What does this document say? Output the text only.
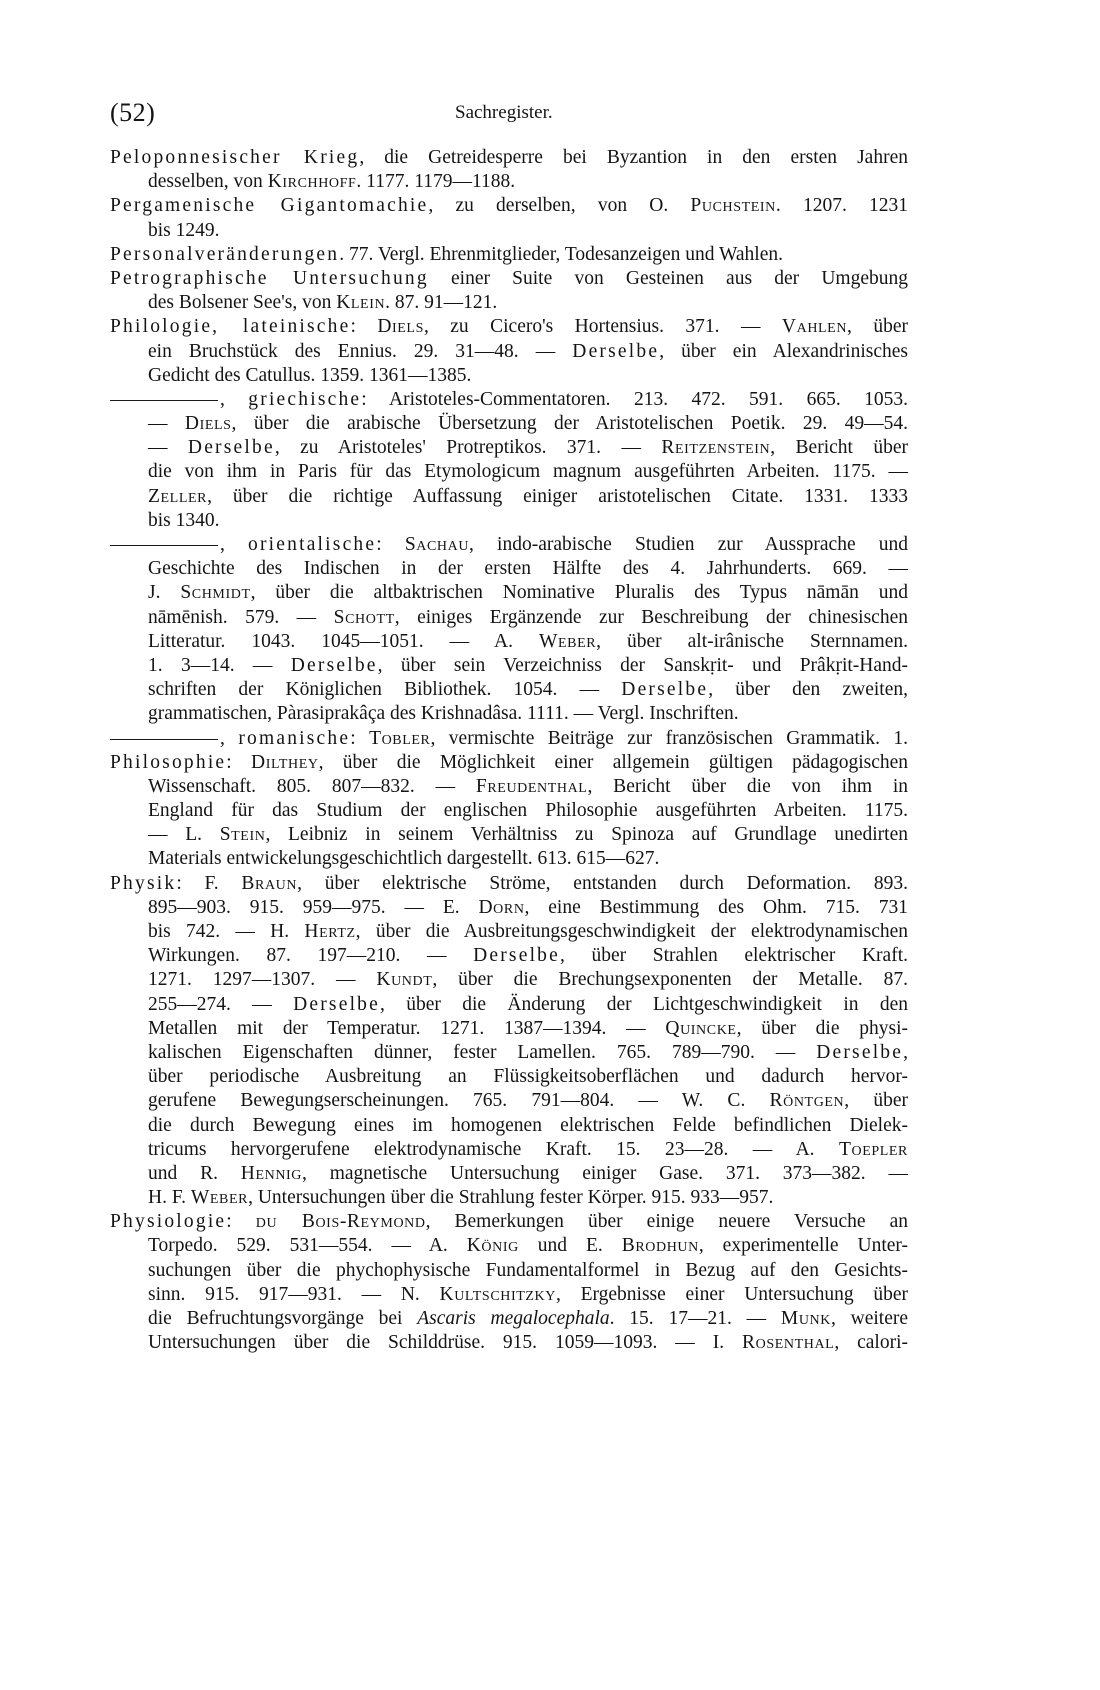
(52)	Sachregister.
Peloponnesischer Krieg, die Getreidesperre bei Byzantion in den ersten Jahren
desselben, von Kirchhoff. 1177. 1179—1188.
Pergamenische Gigantomachie, zu derselben, von O. Puchstein. 1207. 1231
bis 1249.
Personalveränderungen. 77. Vergl. Ehrenmitglieder, Todesanzeigen und Wahlen.
Petrographische Untersuchung einer Suite von Gesteinen aus der Umgebung
des Bolsener See's, von Klein. 87. 91—121.
Philologie, lateinische: Diels, zu Cicero's Hortensius. 371. — Vahlen, über
ein Bruchstück des Ennius. 29. 31—48. — Derselbe, über ein Alexandrinisches
Gedicht des Catullus. 1359. 1361—1385.
, griechische: Aristoteles-Commentatoren. 213. 472. 591. 665. 1053.
— Diels, über die arabische Übersetzung der Aristotelischen Poetik. 29. 49—54.
— Derselbe, zu Aristoteles' Protreptikos. 371. — Reitzenstein, Bericht über
die von ihm in Paris für das Etymologicum magnum ausgeführten Arbeiten. 1175. —
Zeller, über die richtige Auffassung einiger aristotelischen Citate. 1331. 1333
bis 1340.
, orientalische: Sachau, indo-arabische Studien zur Aussprache und
Geschichte des Indischen in der ersten Hälfte des 4. Jahrhunderts. 669. —
J. Schmidt, über die altbaktrischen Nominative Pluralis des Typus nāmān und
nāmēnish. 579. — Schott, einiges Ergänzende zur Beschreibung der chinesischen
Litteratur. 1043. 1045—1051. — A. Weber, über alt-irânische Sternnamen.
1. 3—14. — Derselbe, über sein Verzeichniss der Sanskṛit- und Prâkṛit-Hand-
schriften der Königlichen Bibliothek. 1054. — Derselbe, über den zweiten,
grammatischen, Pàrasiprakâça des Krishnadâsa. 1111. — Vergl. Inschriften.
, romanische: Tobler, vermischte Beiträge zur französischen Grammatik. 1.
Philosophie: Dilthey, über die Möglichkeit einer allgemein gültigen pädagogischen
Wissenschaft. 805. 807—832. — Freudenthal, Bericht über die von ihm in
England für das Studium der englischen Philosophie ausgeführten Arbeiten. 1175.
— L. Stein, Leibniz in seinem Verhältniss zu Spinoza auf Grundlage unedirten
Materials entwickelungsgeschichtlich dargestellt. 613. 615—627.
Physik: F. Braun, über elektrische Ströme, entstanden durch Deformation. 893.
895—903. 915. 959—975. — E. Dorn, eine Bestimmung des Ohm. 715. 731
bis 742. — H. Hertz, über die Ausbreitungsgeschwindigkeit der elektrodynamischen
Wirkungen. 87. 197—210. — Derselbe, über Strahlen elektrischer Kraft.
1271. 1297—1307. — Kundt, über die Brechungsexponenten der Metalle. 87.
255—274. — Derselbe, über die Änderung der Lichtgeschwindigkeit in den
Metallen mit der Temperatur. 1271. 1387—1394. — Quincke, über die physi-
kalischen Eigenschaften dünner, fester Lamellen. 765. 789—790. — Derselbe,
über periodische Ausbreitung an Flüssigkeitsoberflächen und dadurch hervor-
gerufene Bewegungserscheinungen. 765. 791—804. — W. C. Röntgen, über
die durch Bewegung eines im homogenen elektrischen Felde befindlichen Dielek-
tricums hervorgerufene elektrodynamische Kraft. 15. 23—28. — A. Toepler
und R. Hennig, magnetische Untersuchung einiger Gase. 371. 373—382. —
H. F. Weber, Untersuchungen über die Strahlung fester Körper. 915. 933—957.
Physiologie: du Bois-Reymond, Bemerkungen über einige neuere Versuche an
Torpedo. 529. 531—554. — A. König und E. Brodhun, experimentelle Unter-
suchungen über die phychophysische Fundamentalformel in Bezug auf den Gesichts-
sinn. 915. 917—931. — N. Kultschitzky, Ergebnisse einer Untersuchung über
die Befruchtungsvorgänge bei Ascaris megalocephala. 15. 17—21. — Munk, weitere
Untersuchungen über die Schilddrüse. 915. 1059—1093. — I. Rosenthal, calori-
